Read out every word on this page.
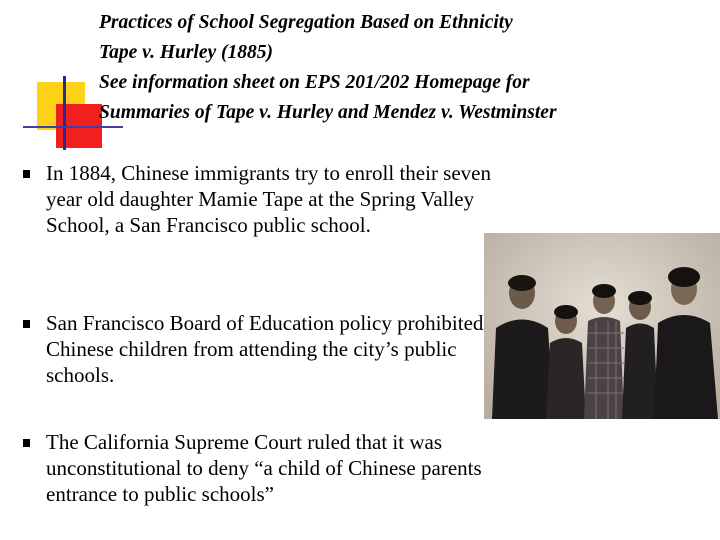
Practices of School Segregation Based on Ethnicity
Tape v. Hurley (1885)
See information sheet on EPS 201/202 Homepage for
Summaries of Tape v. Hurley and Mendez v. Westminster
In 1884, Chinese immigrants try to enroll their seven year old daughter Mamie Tape at the Spring Valley School, a San Francisco public school.
San Francisco Board of Education policy prohibited Chinese children from attending the city’s public schools.
The California Supreme Court ruled that it was unconstitutional to deny “a child of Chinese parents entrance to public schools”
